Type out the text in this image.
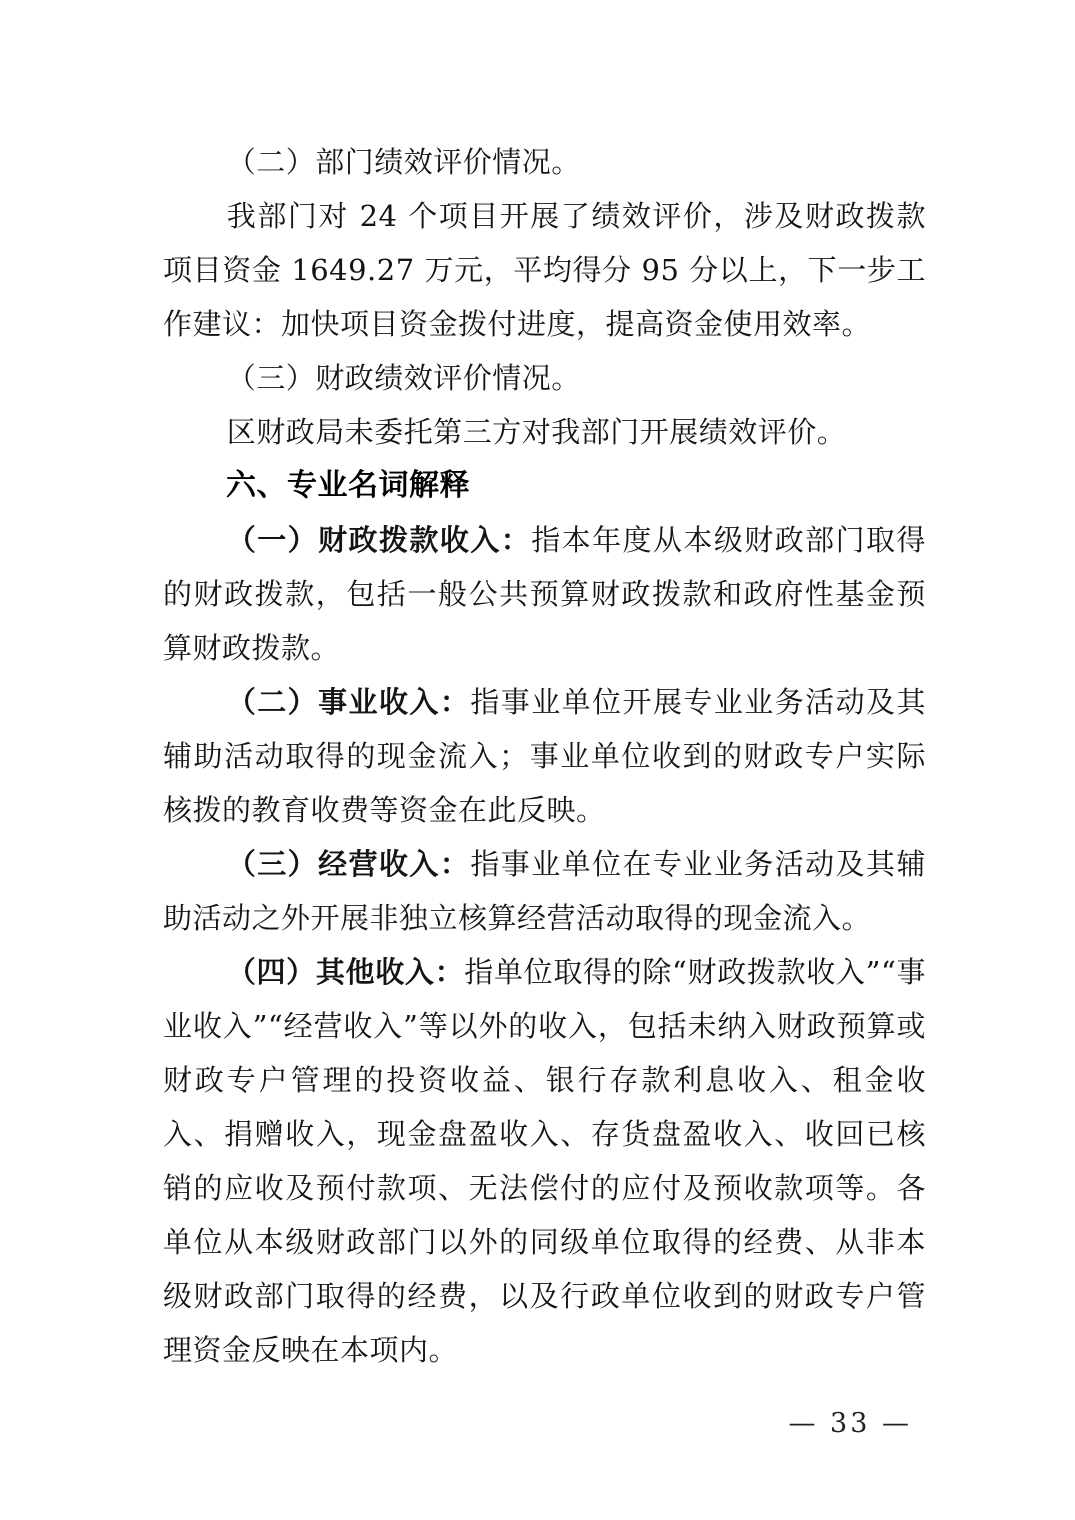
（二）部门绩效评价情况。

我部门对 24 个项目开展了绩效评价，涉及财政拨款项目资金 1649.27 万元，平均得分 95 分以上，下一步工作建议：加快项目资金拨付进度，提高资金使用效率。

（三）财政绩效评价情况。

区财政局未委托第三方对我部门开展绩效评价。

六、专业名词解释

（一）财政拨款收入：指本年度从本级财政部门取得的财政拨款，包括一般公共预算财政拨款和政府性基金预算财政拨款。

（二）事业收入：指事业单位开展专业业务活动及其辅助活动取得的现金流入；事业单位收到的财政专户实际核拨的教育收费等资金在此反映。

（三）经营收入：指事业单位在专业业务活动及其辅助活动之外开展非独立核算经营活动取得的现金流入。

（四）其他收入：指单位取得的除“财政拨款收入”“事业收入”“经营收入”等以外的收入，包括未纳入财政预算或财政专户管理的投资收益、银行存款利息收入、租金收入、捐赠收入，现金盘盈收入、存货盘盈收入、收回已核销的应收及预付款项、无法偿付的应付及预收款项等。各单位从本级财政部门以外的同级单位取得的经费、从非本级财政部门取得的经费，以及行政单位收到的财政专户管理资金反映在本项内。

— 33 —
